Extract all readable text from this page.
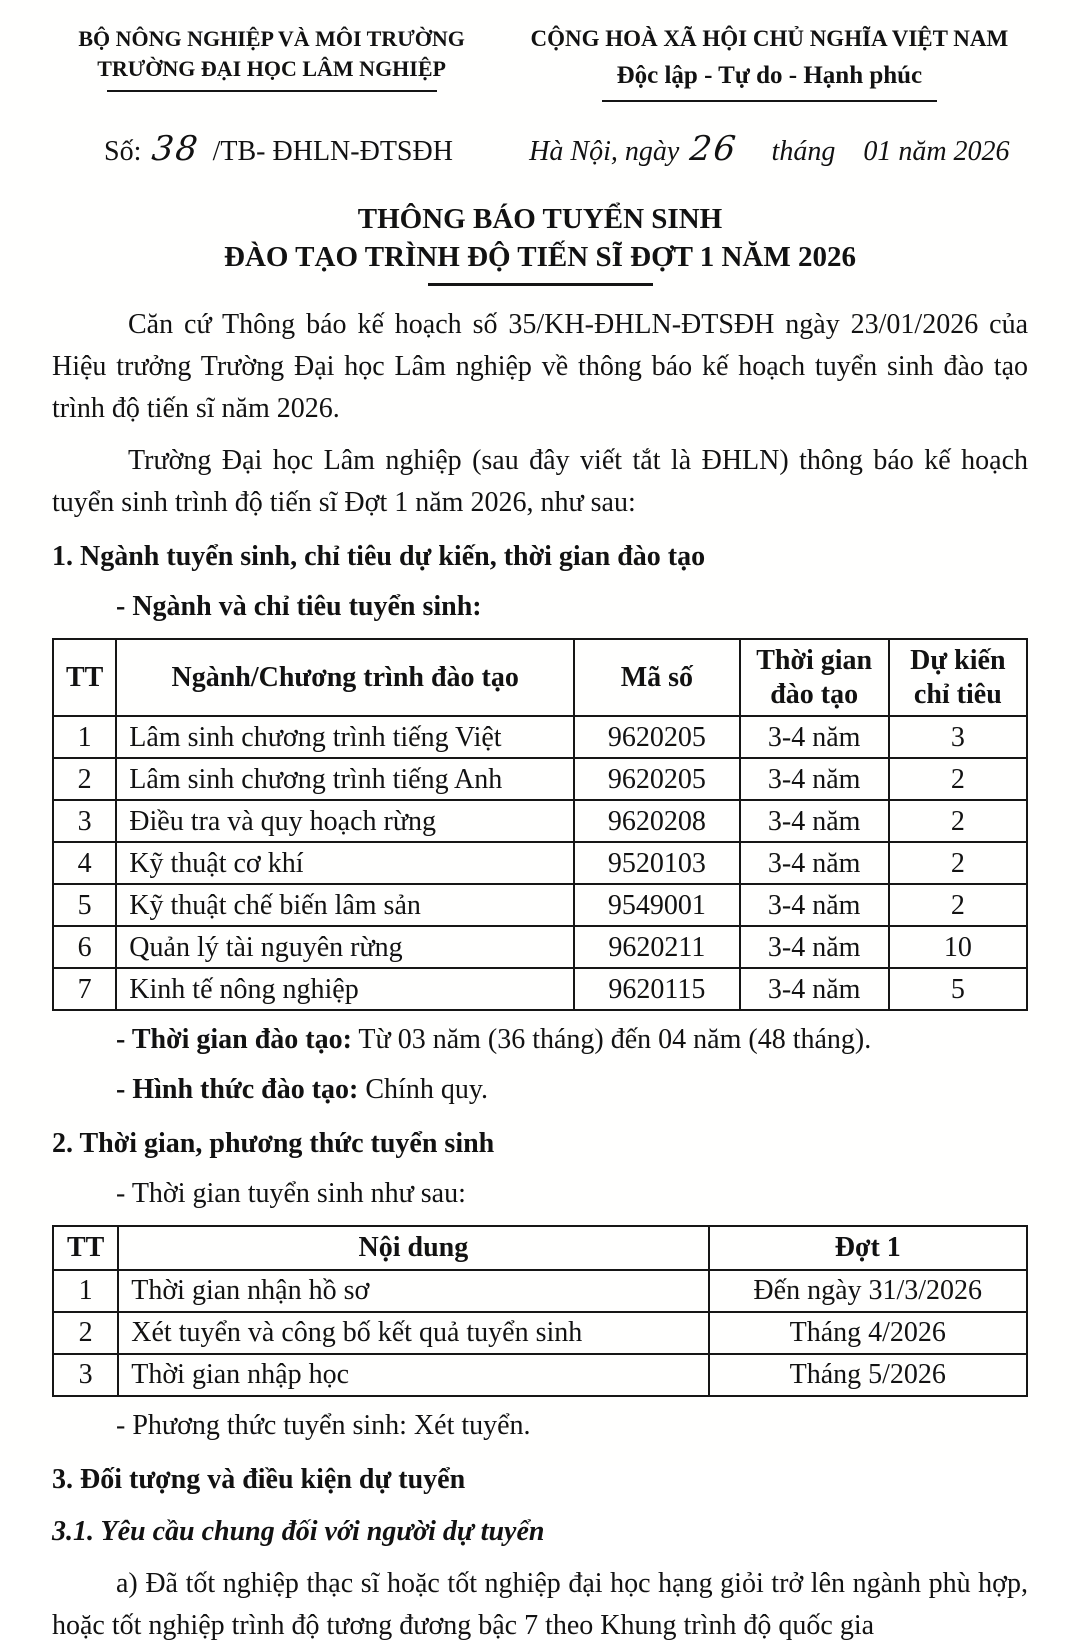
BỘ NÔNG NGHIỆP VÀ MÔI TRƯỜNG
TRƯỜNG ĐẠI HỌC LÂM NGHIỆP
CỘNG HOÀ XÃ HỘI CHỦ NGHĨA VIỆT NAM
Độc lập - Tự do - Hạnh phúc
Số: 38 /TB- ĐHLN-ĐTSĐH	Hà Nội, ngày 26 tháng 01 năm 2026
THÔNG BÁO TUYỂN SINH
ĐÀO TẠO TRÌNH ĐỘ TIẾN SĨ ĐỢT 1 NĂM 2026

Căn cứ Thông báo kế hoạch số 35/KH-ĐHLN-ĐTSĐH ngày 23/01/2026 của Hiệu trưởng Trường Đại học Lâm nghiệp về thông báo kế hoạch tuyển sinh đào tạo trình độ tiến sĩ năm 2026.

Trường Đại học Lâm nghiệp (sau đây viết tắt là ĐHLN) thông báo kế hoạch tuyển sinh trình độ tiến sĩ Đợt 1 năm 2026, như sau:

1. Ngành tuyển sinh, chỉ tiêu dự kiến, thời gian đào tạo
- Ngành và chỉ tiêu tuyển sinh:
TT	Ngành/Chương trình đào tạo	Mã số	Thời gian đào tạo	Dự kiến chỉ tiêu
1	Lâm sinh chương trình tiếng Việt	9620205	3-4 năm	3
2	Lâm sinh chương trình tiếng Anh	9620205	3-4 năm	2
3	Điều tra và quy hoạch rừng	9620208	3-4 năm	2
4	Kỹ thuật cơ khí	9520103	3-4 năm	2
5	Kỹ thuật chế biến lâm sản	9549001	3-4 năm	2
6	Quản lý tài nguyên rừng	9620211	3-4 năm	10
7	Kinh tế nông nghiệp	9620115	3-4 năm	5
- Thời gian đào tạo: Từ 03 năm (36 tháng) đến 04 năm (48 tháng).
- Hình thức đào tạo: Chính quy.
2. Thời gian, phương thức tuyển sinh
- Thời gian tuyển sinh như sau:
TT	Nội dung	Đợt 1
1	Thời gian nhận hồ sơ	Đến ngày 31/3/2026
2	Xét tuyển và công bố kết quả tuyển sinh	Tháng 4/2026
3	Thời gian nhập học	Tháng 5/2026
- Phương thức tuyển sinh: Xét tuyển.
3. Đối tượng và điều kiện dự tuyển
3.1. Yêu cầu chung đối với người dự tuyển

a) Đã tốt nghiệp thạc sĩ hoặc tốt nghiệp đại học hạng giỏi trở lên ngành phù hợp, hoặc tốt nghiệp trình độ tương đương bậc 7 theo Khung trình độ quốc gia
